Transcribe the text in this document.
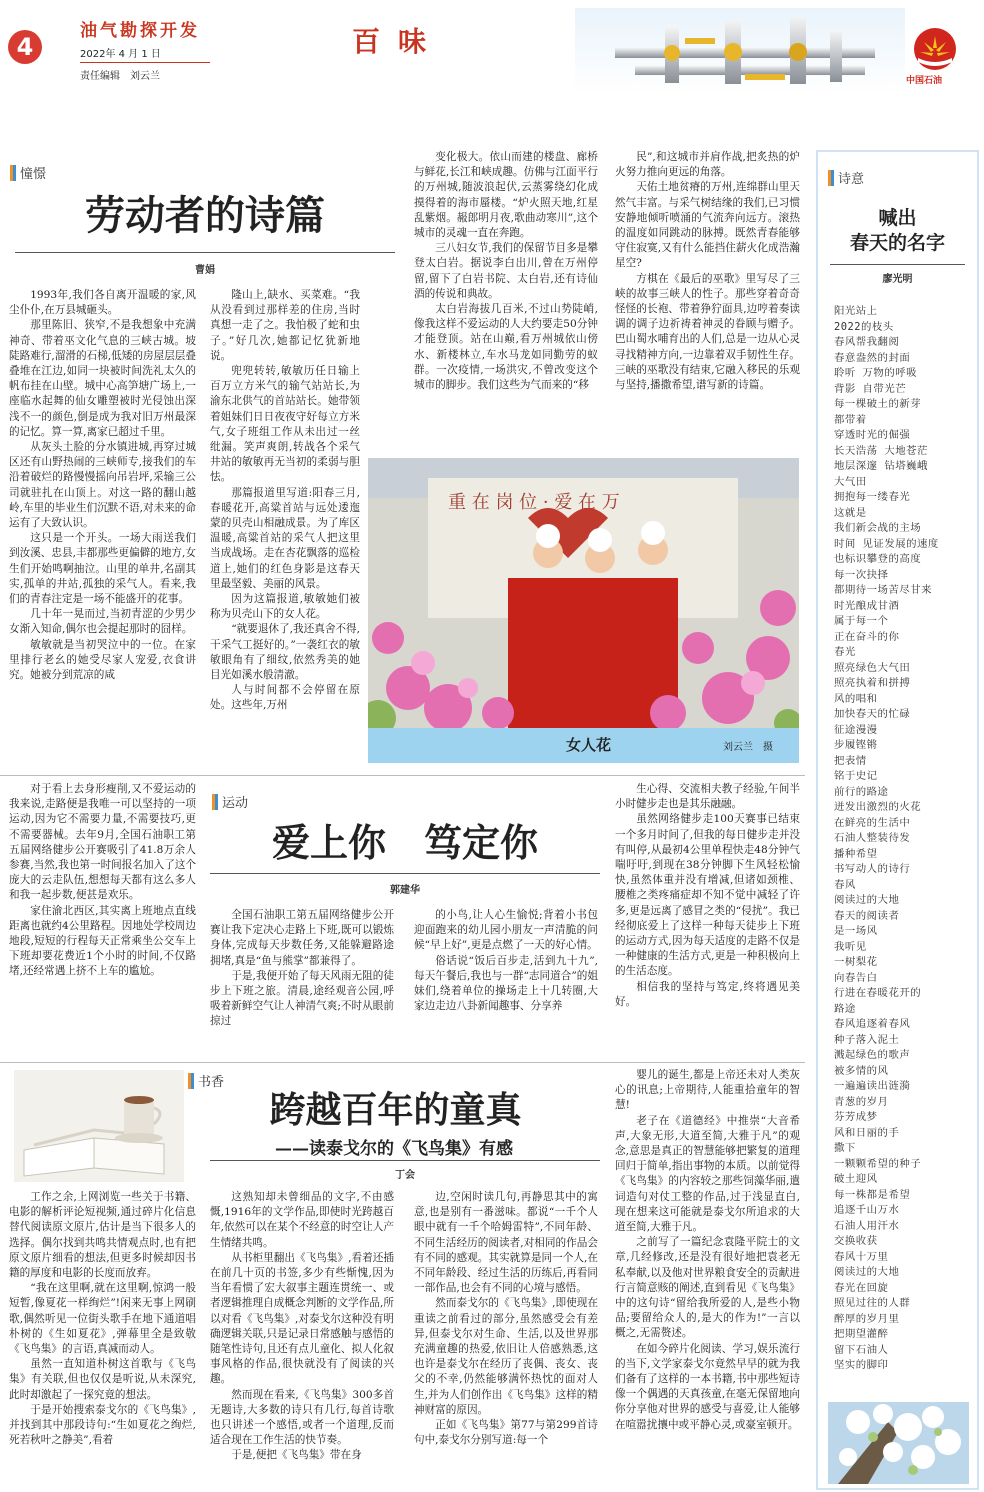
4
油气勘探开发
2022年 4 月 1 日
责任编辑　刘云兰
百味
中国石油
憧憬
劳动者的诗篇
曹娟

1993年,我们各自离开温暖的家,风尘仆仆,在万县城砸头。

那里陈旧、狭窄,不是我想象中充满神奇、带着巫文化气息的三峡古城。坡陡路难行,溜滑的石梯,低矮的房屋层层叠叠堆在江边,如同一块被时间洗礼太久的帆布挂在山壁。城中心高笋塘广场上,一座临水起舞的仙女雕塑被时光侵蚀出深浅不一的颜色,倒是成为我对旧万州最深的记忆。算一算,离家已超过千里。

从灰头土脸的分水镇进城,再穿过城区还有山野热闹的三峡师专,接我们的车沿着破烂的路慢慢摇向吊岩坪,采输三公司就驻扎在山顶上。对这一路的翻山越岭,车里的毕业生们沉默不语,对未来的命运有了大致认识。

这只是一个开头。一场大雨送我们到汝溪、忠县,丰都那些更偏僻的地方,女生们开始鸣啊抽泣。山里的单井,名副其实,孤单的井站,孤独的采气人。看来,我们的青春注定是一场不能盛开的花事。

几十年一晃而过,当初青涩的少男少女渐入知命,偶尔也会提起那时的囧样。

敏敏就是当初哭泣中的一位。在家里排行老幺的她受尽家人宠爱,衣食讲究。她被分到荒凉的咸

隆山上,缺水、买菜难。“我从没看到过那样差的住房,当时真想一走了之。我怕极了蛇和虫子。”好几次,她都记忆犹新地说。

兜兜转转,敏敏历任日输上百万立方米气的输气站站长,为渝东北供气的首站站长。她带领着姐妹们日日夜夜守好每立方米气,女子班组工作从未出过一丝纰漏。笑声爽朗,转战各个采气井站的敏敏再无当初的柔弱与胆怯。

那篇报道里写道:阳春三月,春暖花开,高粱首站与远处逶迤蒙的贝壳山相融成景。为了库区温暖,高粱首站的采气人把这里当成战场。走在杏花飘落的巡检道上,她们的红色身影是这春天里最坚毅、美丽的风景。

因为这篇报道,敏敏她们被称为贝壳山下的女人花。

“就要退休了,我还真舍不得,干采气工挺好的。”一袭红衣的敏敏眼角有了细纹,依然秀美的她目光如溪水般清澈。

人与时间都不会停留在原处。这些年,万州

变化极大。依山而建的楼盘、廊桥与鲜花,长江和峡成趣。仿佛与江面平行的万州城,随波浪起伏,云蒸雾绕幻化成摸得着的海市蜃楼。“炉火照天地,红星乱紫烟。赧郎明月夜,歌曲动寒川”,这个城市的灵魂一直在奔跑。

三八妇女节,我们的保留节目多是攀登太白岩。据说李白出川,曾在万州停留,留下了白岩书院、太白岩,还有诗仙酒的传说和典故。

太白岩海拔几百米,不过山势陡峭,像我这样不爱运动的人大约要走50分钟才能登顶。站在山巅,看万州城依山傍水、新楼林立,车水马龙如同勤劳的蚁群。一次疫情,一场洪灾,不曾改变这个城市的脚步。我们这些为气而来的“移

民”,和这城市并肩作战,把炙热的炉火努力推向更远的角落。

天佑土地贫瘠的万州,连绵群山里天然气丰富。与采气树结缘的我们,已习惯安静地倾听喷涌的气流奔向远方。滚热的温度如同跳动的脉搏。既然青春能够守住寂寞,又有什么能挡住薪火化成浩瀚星空?

方棋在《最后的巫歌》里写尽了三峡的故事三峡人的性子。那些穿着奇奇怪怪的长袍、带着狰狞面具,边哼着奏读调的调子边祈祷着神灵的眷顾与赠予。巴山蜀水哺育出的人们,总是一边从心灵寻找精神方向,一边靠着双手韧性生存。三峡的巫歌没有结束,它融入移民的乐观与坚持,播撒希望,谱写新的诗篇。

重 在 岗 位 · 爱 在 万
女人花	刘云兰　摄

对于看上去身形瘦削,又不爱运动的我来说,走路便是我唯一可以坚持的一项运动,因为它不需要力量,不需要技巧,更不需要器械。去年9月,全国石油职工第五届网络健步公开赛吸引了41.8万余人参赛,当然,我也第一时间报名加入了这个庞大的云走队伍,想想每天都有这么多人和我一起步数,便甚是欢乐。

家住渝北西区,其实离上班地点直线距离也就约4公里路程。因地处学校周边地段,短短的行程每天正常乘坐公交车上下班却要花费近1个小时的时间,不仅路堵,还经常遇上挤不上车的尴尬。

运动
爱上你　笃定你
郭建华

全国石油职工第五届网络健步公开赛让我下定决心走路上下班,既可以锻炼身体,完成每天步数任务,又能躲避路途拥堵,真是“鱼与熊掌”都兼得了。

于是,我便开始了每天风雨无阻的徒步上下班之旅。清晨,途经观音公园,呼吸着新鲜空气让人神清气爽;不时从眼前掠过

的小鸟,让人心生愉悦;背着小书包迎面跑来的幼儿园小朋友一声清脆的问候“早上好”,更是点燃了一天的好心情。

俗话说“饭后百步走,活到九十九”,每天午餐后,我也与一群“志同道合”的姐妹们,绕着单位的操场走上十几转圈,大家边走边八卦新闻趣事、分享养

生心得、交流相夫教子经验,午间半小时健步走也是其乐融融。

虽然网络健步走100天赛事已结束一个多月时间了,但我的每日健步走并没有叫停,从最初4公里单程快走48分钟气喘吁吁,到现在38分钟脚下生风轻松愉快,虽然体重并没有增减,但诸如颈椎、腰椎之类疼痛症却不知不觉中减轻了许多,更是远离了感冒之类的“侵扰”。我已经彻底爱上了这样一种每天徒步上下班的运动方式,因为每天适度的走路不仅是一种健康的生活方式,更是一种积极向上的生活态度。

相信我的坚持与笃定,终将遇见美好。

书香
跨越百年的童真
——读泰戈尔的《飞鸟集》有感
丁会

工作之余,上网浏览一些关于书籍、电影的解析评论短视频,通过碎片化信息替代阅读原文原片,估计是当下很多人的选择。偶尔找到共鸣共情观点时,也有把原文原片细看的想法,但更多时候却因书籍的厚度和电影的长度而放弃。

“我在这里啊,就在这里啊,惊鸿一般短暂,像夏花一样绚烂”!闲来无事上网刷歌,偶然听见一位街头歌手在地下通道唱朴树的《生如夏花》,弹幕里全是致敬《飞鸟集》的言语,真减而动人。

虽然一直知道朴树这首歌与《飞鸟集》有关联,但也仅仅是听说,从未深究,此时却激起了一探究竟的想法。

于是开始搜索泰戈尔的《飞鸟集》,并找到其中那段诗句:“生如夏花之绚烂,死若秋叶之静美”,看着

这熟知却未曾细品的文字,不由感慨,1916年的文学作品,即使时光跨越百年,依然可以在某个不经意的时空让人产生情绪共鸣。

从书柜里翻出《飞鸟集》,看着还插在前几十页的书签,多少有些惭愧,因为当年看惯了宏大叙事主题连贯统一、或者逻辑推理自成概念判断的文学作品,所以对看《飞鸟集》,对泰戈尔这种没有明确逻辑关联,只是记录日常感触与感悟的随笔性诗句,且还有点儿童化、拟人化叙事风格的作品,很快就没有了阅读的兴趣。

然而现在看来,《飞鸟集》300多首无题诗,大多数的诗只有几行,每首诗歌也只讲述一个感悟,或者一个道理,反而适合现在工作生活的快节奏。

于是,便把《飞鸟集》带在身

边,空闲时读几句,再静思其中的寓意,也是别有一番滋味。都说“一千个人眼中就有一千个哈姆雷特”,不同年龄、不同生活经历的阅读者,对相同的作品会有不同的感观。其实就算是同一个人,在不同年龄段、经过生活的历练后,再看同一部作品,也会有不同的心境与感悟。

然而泰戈尔的《飞鸟集》,即使现在重读之前看过的部分,虽然感受会有差异,但泰戈尔对生命、生活,以及世界那充满童趣的热爱,依旧让人倍感熟悉,这也许是泰戈尔在经历了丧偶、丧女、丧父的不幸,仍然能够满怀热忱的面对人生,并为人们创作出《飞鸟集》这样的精神财富的原因。

正如《飞鸟集》第77与第299首诗句中,泰戈尔分别写道:每一个

婴儿的诞生,都是上帝还未对人类灰心的讯息;上帝期待,人能重拾童年的智慧!

老子在《道德经》中推崇“大音希声,大象无形,大道至简,大雅于凡”的观念,意思是真正的智慧能够把繁复的道理回归于简单,指出事物的本质。以前觉得《飞鸟集》的内容较之那些饲藻华丽,遣词造句对仗工整的作品,过于浅显直白,现在想来这可能就是泰戈尔所追求的大道至简,大雅于凡。

之前写了一篇纪念袁隆平院士的文章,几经修改,还是没有很好地把袁老无私奉献,以及他对世界粮食安全的贡献进行言简意赅的阐述,直到看见《飞鸟集》中的这句诗“留给我所爱的人,是些小物品;要留给众人的,是大的作为!”一言以概之,无需赘述。

在如今碎片化阅读、学习,娱乐流行的当下,文学家泰戈尔竟然早早的就为我们备有了这样的一本书籍,书中那些短诗像一个偶遇的天真孩童,在毫无保留地向你分享他对世界的感受与喜爱,让人能够在喧嚣扰攘中或平静心灵,或豪室顿开。

诗意
喊出
春天的名字
廖光明
阳光站上
2022的枝头
春风帮我翻阅
春意盎然的封面
聆听 万物的呼吸
背影 自带光芒
每一棵破土的新芽
都带着
穿透时光的倔强
长天浩荡 大地苍茫
地层深邃 钻塔巍峨
大气田
拥抱每一缕春光
这就是
我们新会战的主场
时间 见证发展的速度
也标识攀登的高度
每一次抉择
都期待一场苦尽甘来
时光酿成甘酒
属于每一个
正在奋斗的你
春光
照亮绿色大气田
照亮执着和拼搏
风的唱和
加快春天的忙碌
征途漫漫
步履铿锵
把表情
铭于史记
前行的路途
迸发出激烈的火花
在鲜亮的生活中
石油人整装待发
播种希望
书写动人的诗行
春风
阅读过的大地
春天的阅读者
是一场风
我听见
一树梨花
向春告白
行进在春暖花开的
路途
春风追逐着春风
种子落入泥土
溅起绿色的歌声
被多情的风
一遍遍读出涟漪
青葱的岁月
芬芳成梦
风和日丽的手
撒下
一颗颗希望的种子
破土迎风
每一株都是希望
追逐千山万水
石油人用汗水
交换收获
春风十万里
阅读过的大地
春光在回旋
照见过往的人群
醉厚的岁月里
把期望灌醉
留下石油人
坚实的脚印
